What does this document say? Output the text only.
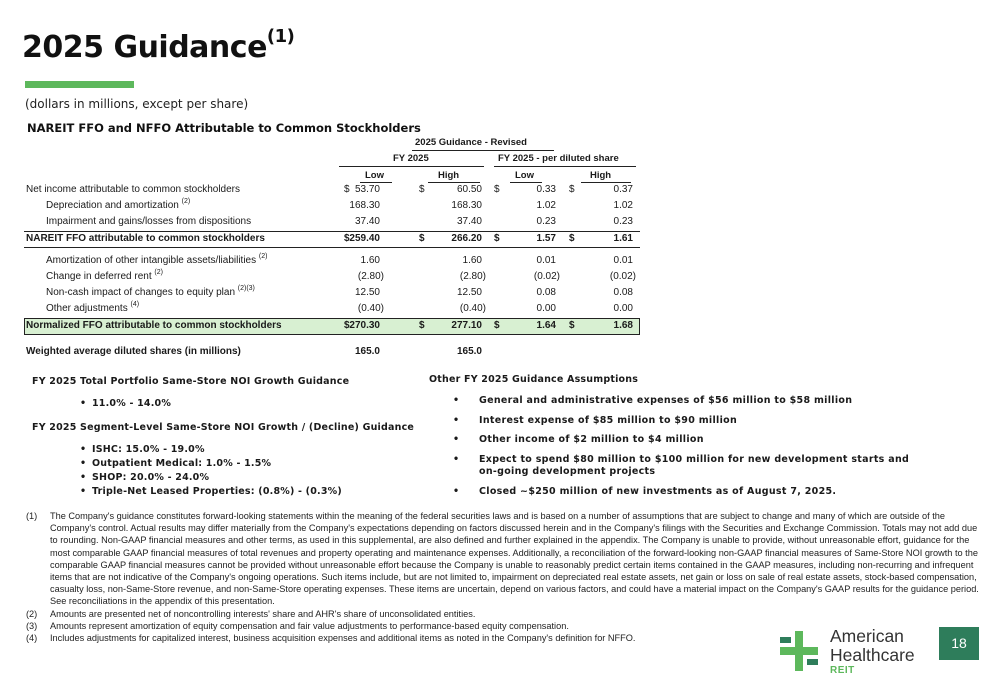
2025 Guidance$^{(1)}$
(dollars in millions, except per share)
NAREIT FFO and NFFO Attributable to Common Stockholders
2025 Guidance - Revised
FY 2025	FY 2025 - per diluted share
Low	High	Low	High
Net income attributable to common stockholders	$ 53.70	$	60.50 $	0.33 $	0.37
Depreciation and amortization $^{(2)}$	168.30	168.30	1.02	1.02
Impairment and gains/losses from dispositions	37.40	37.40	0.23	0.23
NAREIT FFO attributable to common stockholders	$ 259.40	$	266.20 $	1.57 $	1.61
Amortization of other intangible assets/liabilities $^{(2)}$	1.60	1.60	0.01	0.01
Change in deferred rent $^{(2)}$	(2.80)	(2.80)	(0.02)	(0.02)
Non-cash impact of changes to equity plan $^{(2)(3)}$	12.50	12.50	0.08	0.08
Other adjustments $^{(4)}$	(0.40)	(0.40)	0.00	0.00
Normalized FFO attributable to common stockholders	$ 270.30	$	277.10 $	1.64 $	1.68
Weighted average diluted shares (in millions)	165.0	165.0
FY 2025 Total Portfolio Same-Store NOI Growth Guidance
• 11.0% - 14.0%
FY 2025 Segment-Level Same-Store NOI Growth / (Decline) Guidance
• ISHC: 15.0% - 19.0%
• Outpatient Medical: 1.0% - 1.5%
• SHOP: 20.0% - 24.0%
• Triple-Net Leased Properties: (0.8%) - (0.3%)
Other FY 2025 Guidance Assumptions
• General and administrative expenses of $56 million to $58 million
• Interest expense of $85 million to $90 million
• Other income of $2 million to $4 million
• Expect to spend $80 million to $100 million for new development starts and on-going development projects
• Closed ~$250 million of new investments as of August 7, 2025.
(1) The Company's guidance constitutes forward-looking statements within the meaning of the federal securities laws and is based on a number of assumptions that are subject to change and many of which are outside of the Company's control. Actual results may differ materially from the Company's expectations depending on factors discussed herein and in the Company's filings with the Securities and Exchange Commission. Totals may not add due to rounding. Non-GAAP financial measures and other terms, as used in this supplemental, are also defined and further explained in the appendix. The Company is unable to provide, without unreasonable effort, guidance for the most comparable GAAP financial measures of total revenues and property operating and maintenance expenses. Additionally, a reconciliation of the forward-looking non-GAAP financial measures of Same-Store NOI growth to the comparable GAAP financial measures cannot be provided without unreasonable effort because the Company is unable to reasonably predict certain items contained in the GAAP measures, including non-recurring and infrequent items that are not indicative of the Company's ongoing operations. Such items include, but are not limited to, impairment on depreciated real estate assets, net gain or loss on sale of real estate assets, stock-based compensation, casualty loss, non-Same-Store revenue, and non-Same-Store operating expenses. These items are uncertain, depend on various factors, and could have a material impact on the Company's GAAP results for the guidance period. See reconciliations in the appendix of this presentation.
(2) Amounts are presented net of noncontrolling interests' share and AHR's share of unconsolidated entities.
(3) Amounts represent amortization of equity compensation and fair value adjustments to performance-based equity compensation.
(4) Includes adjustments for capitalized interest, business acquisition expenses and additional items as noted in the Company's definition for NFFO.	American
Healthcare
REIT
18
